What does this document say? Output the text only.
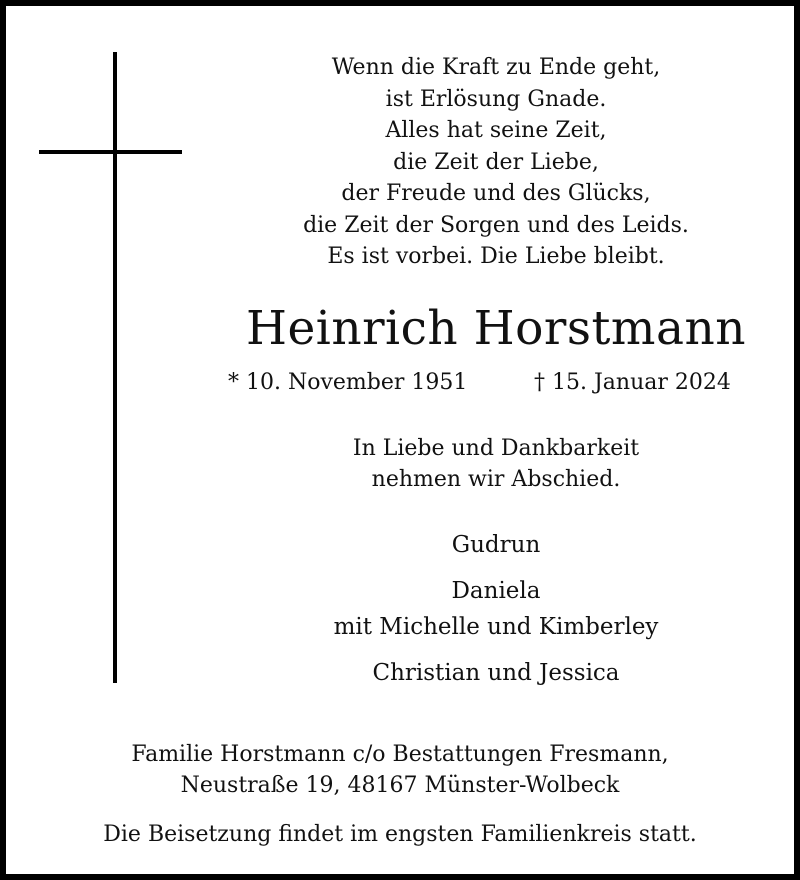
Wenn die Kraft zu Ende geht,
ist Erlösung Gnade.
Alles hat seine Zeit,
die Zeit der Liebe,
der Freude und des Glücks,
die Zeit der Sorgen und des Leids.
Es ist vorbei. Die Liebe bleibt.
Heinrich Horstmann
* 10. November 1951	† 15. Januar 2024
In Liebe und Dankbarkeit
nehmen wir Abschied.
Gudrun
Daniela
mit Michelle und Kimberley
Christian und Jessica
Familie Horstmann c/o Bestattungen Fresmann,
Neustraße 19, 48167 Münster-Wolbeck
Die Beisetzung findet im engsten Familienkreis statt.
